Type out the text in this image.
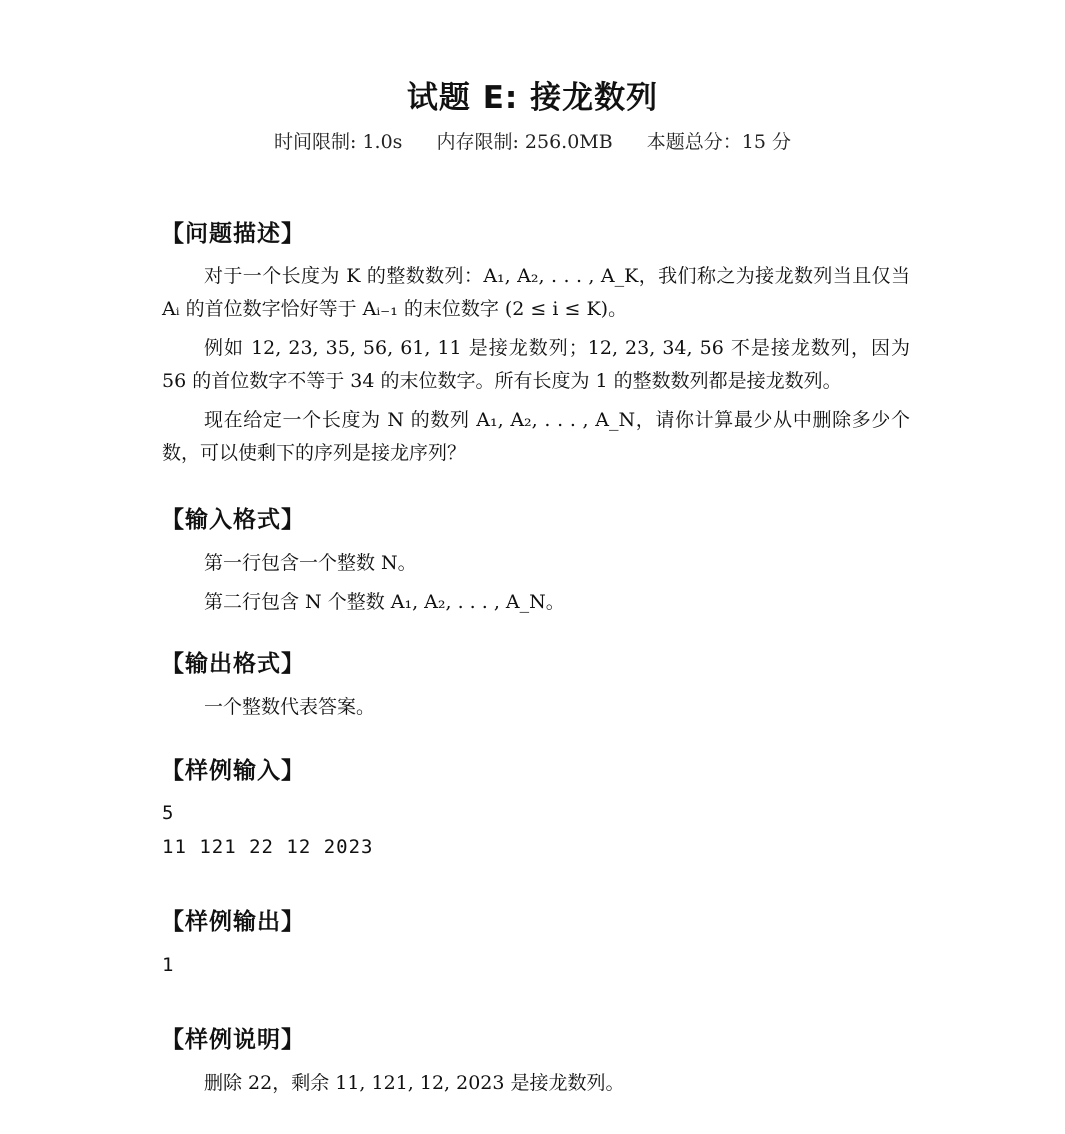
试题 E: 接龙数列
时间限制: 1.0s 内存限制: 256.0MB 本题总分：15 分
【问题描述】
对于一个长度为 K 的整数数列：A₁, A₂, . . . , A_K，我们称之为接龙数列当且仅当 Aᵢ 的首位数字恰好等于 Aᵢ₋₁ 的末位数字 (2 ≤ i ≤ K)。
例如 12, 23, 35, 56, 61, 11 是接龙数列；12, 23, 34, 56 不是接龙数列，因为 56 的首位数字不等于 34 的末位数字。所有长度为 1 的整数数列都是接龙数列。
现在给定一个长度为 N 的数列 A₁, A₂, . . . , A_N，请你计算最少从中删除多少个数，可以使剩下的序列是接龙序列？
【输入格式】
第一行包含一个整数 N。
第二行包含 N 个整数 A₁, A₂, . . . , A_N。
【输出格式】
一个整数代表答案。
【样例输入】
5
11 121 22 12 2023
【样例输出】
1
【样例说明】
删除 22，剩余 11, 121, 12, 2023 是接龙数列。
